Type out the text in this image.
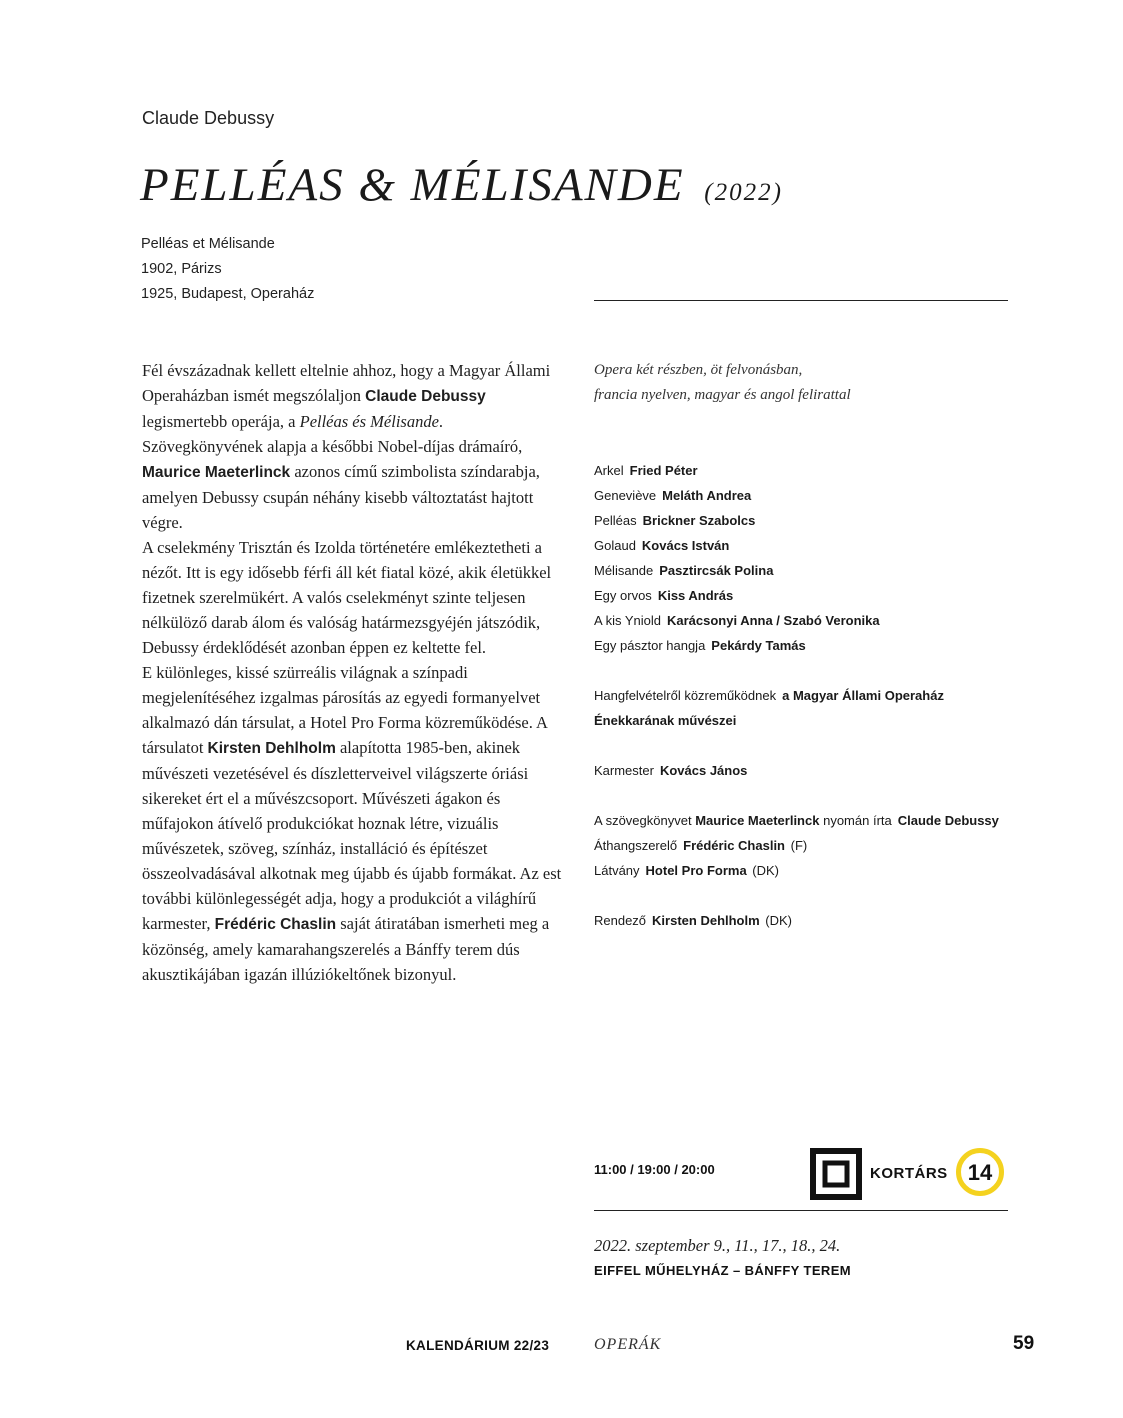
Claude Debussy
PELLÉAS & MÉLISANDE (2022)
Pelléas et Mélisande
1902, Párizs
1925, Budapest, Operaház

Fél évszázadnak kellett eltelnie ahhoz, hogy a Magyar Állami Operaházban ismét megszólaljon Claude Debussy legismertebb operája, a Pelléas és Mélisande. Szövegkönyvének alapja a későbbi Nobel-díjas drámaíró, Maurice Maeterlinck azonos című szimbolista színdarabja, amelyen Debussy csupán néhány kisebb változtatást hajtott végre.

A cselekmény Trisztán és Izolda történetére emlékeztetheti a nézőt. Itt is egy idősebb férfi áll két fiatal közé, akik életükkel fizetnek szerelmükért. A valós cselekményt szinte teljesen nélkülöző darab álom és valóság határmezsgyéjén játszódik, Debussy érdeklődését azonban éppen ez keltette fel.

E különleges, kissé szürreális világnak a színpadi megjelenítéséhez izgalmas párosítás az egyedi formanyelvet alkalmazó dán társulat, a Hotel Pro Forma közreműködése. A társulatot Kirsten Dehlholm alapította 1985-ben, akinek művészeti vezetésével és díszletterveivel világszerte óriási sikereket ért el a művészcsoport. Művészeti ágakon és műfajokon átívelő produkciókat hoznak létre, vizuális művészetek, szöveg, színház, installáció és építészet összeolvadásával alkotnak meg újabb és újabb formákat. Az est további különlegességét adja, hogy a produkciót a világhírű karmester, Frédéric Chaslin saját átiratában ismerheti meg a közönség, amely kamarahangszerelés a Bánffy terem dús akusztikájában igazán illúziókeltőnek bizonyul.

Opera két részben, öt felvonásban,
francia nyelven, magyar és angol felirattal
Arkel Fried Péter
Geneviève Meláth Andrea
Pelléas Brickner Szabolcs
Golaud Kovács István
Mélisande Pasztircsák Polina
Egy orvos Kiss András
A kis Yniold Karácsonyi Anna / Szabó Veronika
Egy pásztor hangja Pekárdy Tamás
Hangfelvételről közreműködnek a Magyar Állami Operaház
Énekkarának művészei
Karmester Kovács János
A szövegkönyvet Maurice Maeterlinck nyomán írta Claude Debussy
Áthangszerelő Frédéric Chaslin (F)
Látvány Hotel Pro Forma (DK)
Rendező Kirsten Dehlholm (DK)
11:00 / 19:00 / 20:00	KORTÁRS 14
2022. szeptember 9., 11., 17., 18., 24.
EIFFEL MŰHELYHÁZ – BÁNFFY TEREM
KALENDÁRIUM 22/23	OPERÁK	59
